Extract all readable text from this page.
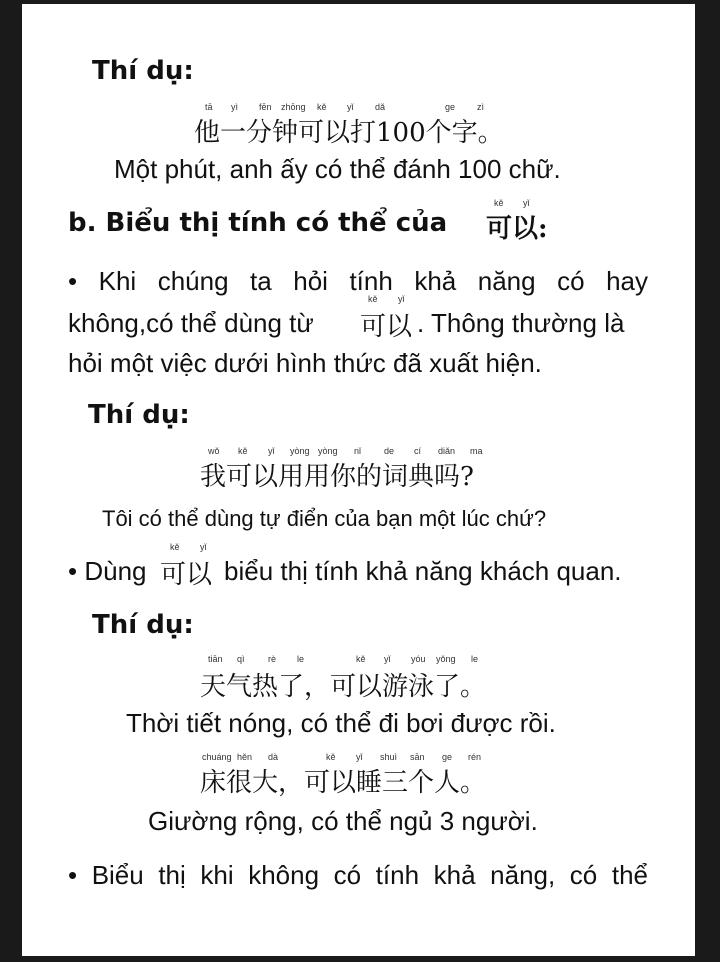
Thí dụ:
tā yì fēn zhōng kě yǐ dǎ	ge zì
他一分钟可以打100个字。
Một phút, anh ấy có thể đánh 100 chữ.
b. Biểu thị tính có thể của
kě yǐ
可以:
• Khi chúng ta hỏi tính khả năng có hay
không,có thể dùng từ
kě yǐ
可以 . Thông thường là
hỏi một việc dưới hình thức đã xuất hiện.
Thí dụ:
wǒ kě yǐ yòng yòng nǐ	de cí diǎn ma
我可以用用你的词典吗?
Tôi có thể dùng tự điển của bạn một lúc chứ?
• Dùng
kě yǐ
可以 biểu thị tính khả năng khách quan.
Thí dụ:
tiān qì	rè le	kě yǐ yóu yǒng le
天气热了，可以游泳了。
Thời tiết nóng, có thể đi bơi được rồi.
chuáng hěn dà	kě yǐ shuì sān ge rén
床很大，可以睡三个人。
Giường rộng, có thể ngủ 3 người.
• Biểu thị khi không có tính khả năng, có thể
